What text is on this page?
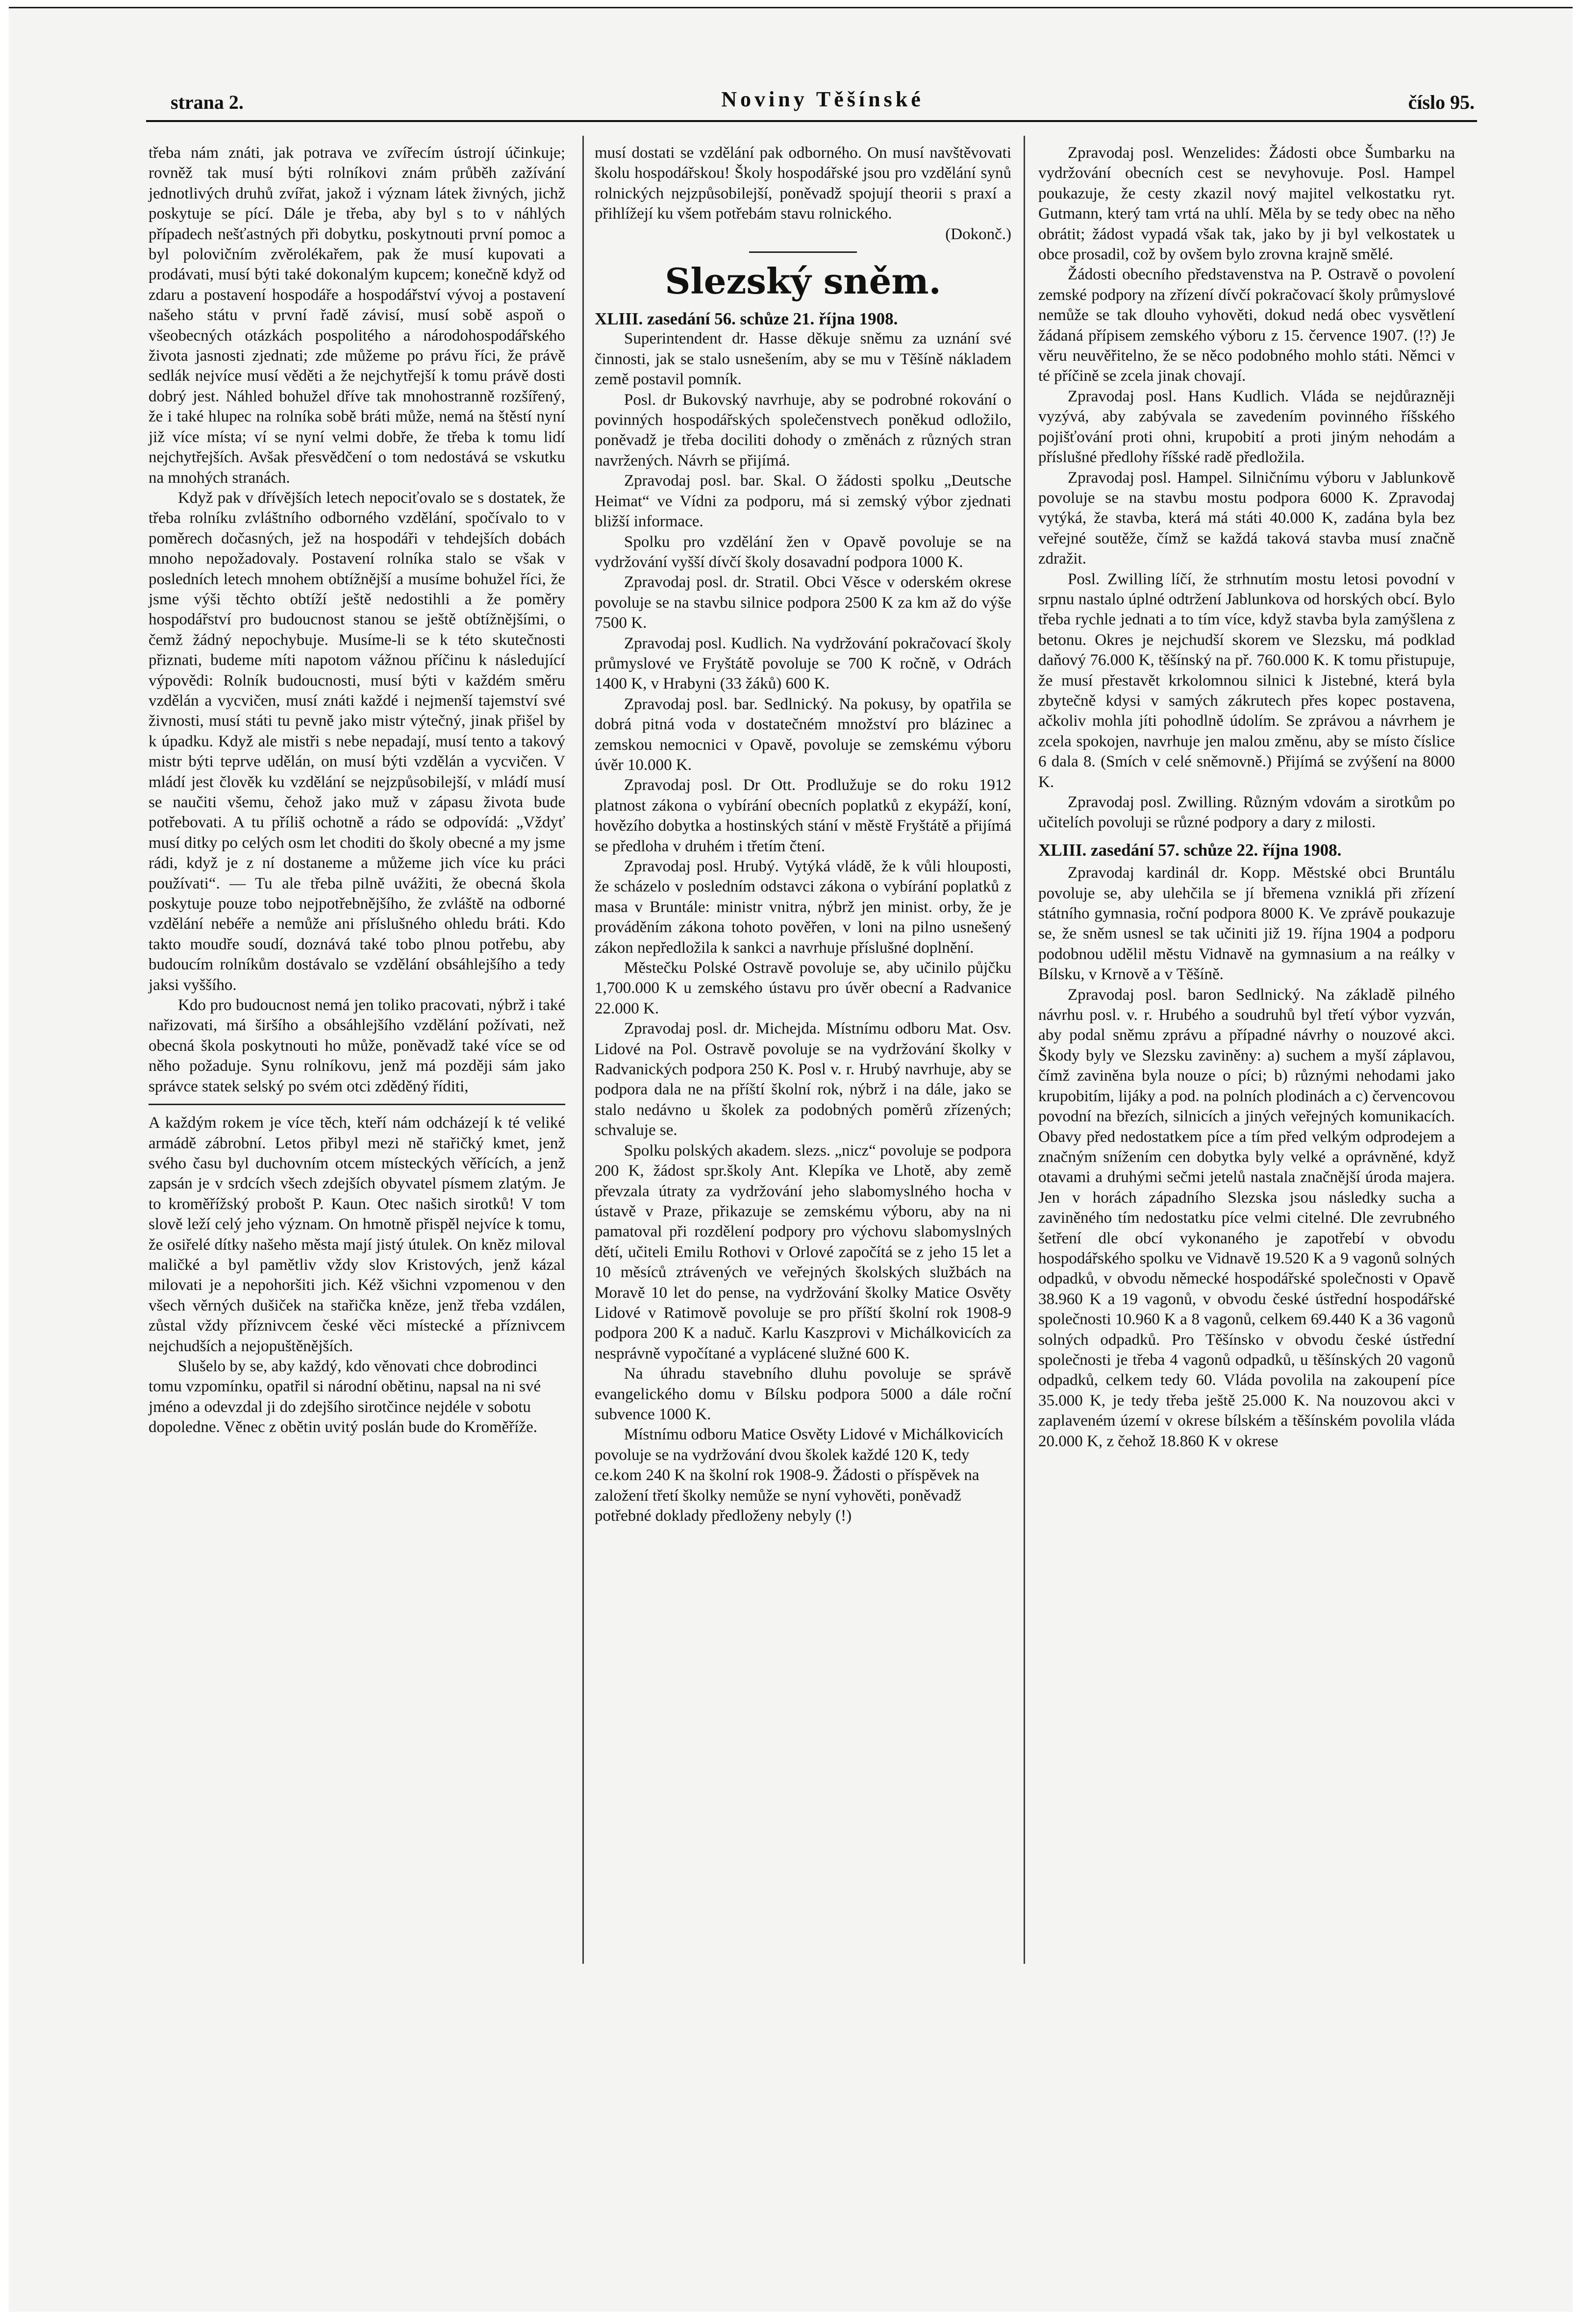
strana 2.	Noviny Těšínské	číslo 95.

třeba nám znáti, jak potrava ve zvířecím ústrojí účinkuje; rovněž tak musí býti rolníkovi znám průběh zažívání jednotlivých druhů zvířat, jakož i význam látek živných, jichž poskytuje se pící. Dále je třeba, aby byl s to v náhlých případech nešťastných při dobytku, poskytnouti první pomoc a byl polovičním zvěrolékařem, pak že musí kupovati a prodávati, musí býti také dokonalým kupcem; konečně když od zdaru a postavení hospodáře a hospodářství vývoj a postavení našeho státu v první řadě závisí, musí sobě aspoň o všeobecných otázkách pospolitého a národohospodářského života jasnosti zjednati; zde můžeme po právu říci, že právě sedlák nejvíce musí věděti a že nejchytřejší k tomu právě dosti dobrý jest. Náhled bohužel dříve tak mnohostranně rozšířený, že i také hlupec na rolníka sobě bráti může, nemá na štěstí nyní již více místa; ví se nyní velmi dobře, že třeba k tomu lidí nejchytřejších. Avšak přesvědčení o tom nedostává se vskutku na mnohých stranách.

Když pak v dřívějších letech nepociťovalo se s dostatek, že třeba rolníku zvláštního odborného vzdělání, spočívalo to v poměrech dočasných, jež na hospodáři v tehdejších dobách mnoho nepožadovaly. Postavení rolníka stalo se však v posledních letech mnohem obtížnější a musíme bohužel říci, že jsme výši těchto obtíží ještě nedostihli a že poměry hospodářství pro budoucnost stanou se ještě obtížnějšími, o čemž žádný nepochybuje. Musíme-li se k této skutečnosti přiznati, budeme míti napotom vážnou příčinu k následující výpovědi: Rolník budoucnosti, musí býti v každém směru vzdělán a vycvičen, musí znáti každé i nejmenší tajemství své živnosti, musí státi tu pevně jako mistr výtečný, jinak přišel by k úpadku. Když ale mistři s nebe nepadají, musí tento a takový mistr býti teprve udělán, on musí býti vzdělán a vycvičen. V mládí jest člověk ku vzdělání se nejzpůsobilejší, v mládí musí se naučiti všemu, čehož jako muž v zápasu života bude potřebovati. A tu příliš ochotně a rádo se odpovídá: „Vždyť musí ditky po celých osm let choditi do školy obecné a my jsme rádi, když je z ní dostaneme a můžeme jich více ku práci používati“. — Tu ale třeba pilně uvážiti, že obecná škola poskytuje pouze tobo nejpotřebnějšího, že zvláště na odborné vzdělání nebéře a nemůže ani příslušného ohledu bráti. Kdo takto moudře soudí, doznává také tobo plnou potřebu, aby budoucím rolníkům dostávalo se vzdělání obsáhlejšího a tedy jaksi vyššího.

Kdo pro budoucnost nemá jen toliko pracovati, nýbrž i také nařizovati, má širšího a obsáhlejšího vzdělání požívati, než obecná škola poskytnouti ho může, poněvadž také více se od něho požaduje. Synu rolníkovu, jenž má později sám jako správce statek selský po svém otci zděděný říditi,

A každým rokem je více těch, kteří nám odcházejí k té veliké armádě zábrobní. Letos přibyl mezi ně stařičký kmet, jenž svého času byl duchovním otcem místeckých věřících, a jenž zapsán je v srdcích všech zdejších obyvatel písmem zlatým. Je to kroměřížský probošt P. Kaun. Otec našich sirotků! V tom slově leží celý jeho význam. On hmotně přispěl nejvíce k tomu, že osiřelé dítky našeho města mají jistý útulek. On kněz miloval maličké a byl pamětliv vždy slov Kristových, jenž kázal milovati je a nepohoršiti jich. Kéž všichni vzpomenou v den všech věrných dušiček na stařička kněze, jenž třeba vzdálen, zůstal vždy příznivcem české věci místecké a příznivcem nejchudších a nejopuštěnějších.

Slušelo by se, aby každý, kdo věnovati chce dobrodinci tomu vzpomínku, opatřil si národní obětinu, napsal na ni své jméno a odevzdal ji do zdejšího sirotčince nejdéle v sobotu dopoledne. Věnec z obětin uvitý poslán bude do Kroměříže.

musí dostati se vzdělání pak odborného. On musí navštěvovati školu hospodářskou! Školy hospodářské jsou pro vzdělání synů rolnických nejzpůsobilejší, poněvadž spojují theorii s praxí a přihlížejí ku všem potřebám stavu rolnického.

(Dokonč.)

Slezský sněm.

XLIII. zasedání 56. schůze 21. října 1908.

Superintendent dr. Hasse děkuje sněmu za uznání své činnosti, jak se stalo usnešením, aby se mu v Těšíně nákladem země postavil pomník.

Posl. dr Bukovský navrhuje, aby se podrobné rokování o povinných hospodářských společenstvech poněkud odložilo, poněvadž je třeba dociliti dohody o změnách z různých stran navržených. Návrh se přijímá.

Zpravodaj posl. bar. Skal. O žádosti spolku „Deutsche Heimat“ ve Vídni za podporu, má si zemský výbor zjednati bližší informace.

Spolku pro vzdělání žen v Opavě povoluje se na vydržování vyšší dívčí školy dosavadní podpora 1000 K.

Zpravodaj posl. dr. Stratil. Obci Věsce v oderském okrese povoluje se na stavbu silnice podpora 2500 K za km až do výše 7500 K.

Zpravodaj posl. Kudlich. Na vydržování pokračovací školy průmyslové ve Fryštátě povoluje se 700 K ročně, v Odrách 1400 K, v Hrabyni (33 žáků) 600 K.

Zpravodaj posl. bar. Sedlnický. Na pokusy, by opatřila se dobrá pitná voda v dostatečném množství pro blázinec a zemskou nemocnici v Opavě, povoluje se zemskému výboru úvěr 10.000 K.

Zpravodaj posl. Dr Ott. Prodlužuje se do roku 1912 platnost zákona o vybírání obecních poplatků z ekypáží, koní, hovězího dobytka a hostinských stání v městě Fryštátě a přijímá se předloha v druhém i třetím čtení.

Zpravodaj posl. Hrubý. Vytýká vládě, že k vůli hlouposti, že scházelo v posledním odstavci zákona o vybírání poplatků z masa v Bruntále: ministr vnitra, nýbrž jen minist. orby, že je prováděním zákona tohoto pověřen, v loni na pilno usnešený zákon nepředložila k sankci a navrhuje příslušné doplnění.

Městečku Polské Ostravě povoluje se, aby učinilo půjčku 1,700.000 K u zemského ústavu pro úvěr obecní a Radvanice 22.000 K.

Zpravodaj posl. dr. Michejda. Místnímu odboru Mat. Osv. Lidové na Pol. Ostravě povoluje se na vydržování školky v Radvanických podpora 250 K. Posl v. r. Hrubý navrhuje, aby se podpora dala ne na příští školní rok, nýbrž i na dále, jako se stalo nedávno u školek za podobných poměrů zřízených; schvaluje se.

Spolku polských akadem. slezs. „nicz“ povoluje se podpora 200 K, žádost spr.školy Ant. Klepíka ve Lhotě, aby země převzala útraty za vydržování jeho slabomyslného hocha v ústavě v Praze, přikazuje se zemskému výboru, aby na ni pamatoval při rozdělení podpory pro výchovu slabomyslných dětí, učiteli Emilu Rothovi v Orlové započítá se z jeho 15 let a 10 měsíců ztrávených ve veřejných školských službách na Moravě 10 let do pense, na vydržování školky Matice Osvěty Lidové v Ratimově povoluje se pro příští školní rok 1908-9 podpora 200 K a naduč. Karlu Kaszprovi v Michálkovicích za nesprávně vypočítané a vyplácené služné 600 K.

Na úhradu stavebního dluhu povoluje se správě evangelického domu v Bílsku podpora 5000 a dále roční subvence 1000 K.

Místnímu odboru Matice Osvěty Lidové v Michálkovicích povoluje se na vydržování dvou školek každé 120 K, tedy ce.kom 240 K na školní rok 1908-9. Žádosti o příspěvek na založení třetí školky nemůže se nyní vyhověti, poněvadž potřebné doklady předloženy nebyly (!)

Zpravodaj posl. Wenzelides: Žádosti obce Šumbarku na vydržování obecních cest se nevyhovuje. Posl. Hampel poukazuje, že cesty zkazil nový majitel velkostatku ryt. Gutmann, který tam vrtá na uhlí. Měla by se tedy obec na něho obrátit; žádost vypadá však tak, jako by ji byl velkostatek u obce prosadil, což by ovšem bylo zrovna krajně smělé.

Žádosti obecního představenstva na P. Ostravě o povolení zemské podpory na zřízení dívčí pokračovací školy průmyslové nemůže se tak dlouho vyhověti, dokud nedá obec vysvětlení žádaná přípisem zemského výboru z 15. července 1907. (!?) Je věru neuvěřitelno, že se něco podobného mohlo státi. Němci v té příčině se zcela jinak chovají.

Zpravodaj posl. Hans Kudlich. Vláda se nejdůrazněji vyzývá, aby zabývala se zavedením povinného říšského pojišťování proti ohni, krupobití a proti jiným nehodám a příslušné předlohy říšské radě předložila.

Zpravodaj posl. Hampel. Silničnímu výboru v Jablunkově povoluje se na stavbu mostu podpora 6000 K. Zpravodaj vytýká, že stavba, která má státi 40.000 K, zadána byla bez veřejné soutěže, čímž se každá taková stavba musí značně zdražit.

Posl. Zwilling líčí, že strhnutím mostu letosi povodní v srpnu nastalo úplné odtržení Jablunkova od horských obcí. Bylo třeba rychle jednati a to tím více, když stavba byla zamýšlena z betonu. Okres je nejchudší skorem ve Slezsku, má podklad daňový 76.000 K, těšínský na př. 760.000 K. K tomu přistupuje, že musí přestavět krkolomnou silnici k Jistebné, která byla zbytečně kdysi v samých zákrutech přes kopec postavena, ačkoliv mohla jíti pohodlně údolím. Se zprávou a návrhem je zcela spokojen, navrhuje jen malou změnu, aby se místo číslice 6 dala 8. (Smích v celé sněmovně.) Přijímá se zvýšení na 8000 K.

Zpravodaj posl. Zwilling. Různým vdovám a sirotkům po učitelích povoluji se různé podpory a dary z milosti.

XLIII. zasedání 57. schůze 22. října 1908.

Zpravodaj kardinál dr. Kopp. Městské obci Bruntálu povoluje se, aby ulehčila se jí břemena vzniklá při zřízení státního gymnasia, roční podpora 8000 K. Ve zprávě poukazuje se, že sněm usnesl se tak učiniti již 19. října 1904 a podporu podobnou udělil městu Vidnavě na gymnasium a na reálky v Bílsku, v Krnově a v Těšíně.

Zpravodaj posl. baron Sedlnický. Na základě pilného návrhu posl. v. r. Hrubého a soudruhů byl třetí výbor vyzván, aby podal sněmu zprávu a případné návrhy o nouzové akci. Škody byly ve Slezsku zaviněny: a) suchem a myší záplavou, čímž zaviněna byla nouze o píci; b) různými nehodami jako krupobitím, lijáky a pod. na polních plodinách a c) červencovou povodní na březích, silnicích a jiných veřejných komunikacích. Obavy před nedostatkem píce a tím před velkým odprodejem a značným snížením cen dobytka byly velké a oprávněné, když otavami a druhými sečmi jetelů nastala značnější úroda majera. Jen v horách západního Slezska jsou následky sucha a zaviněného tím nedostatku píce velmi citelné. Dle zevrubného šetření dle obcí vykonaného je zapotřebí v obvodu hospodářského spolku ve Vidnavě 19.520 K a 9 vagonů solných odpadků, v obvodu německé hospodářské společnosti v Opavě 38.960 K a 19 vagonů, v obvodu české ústřední hospodářské společnosti 10.960 K a 8 vagonů, celkem 69.440 K a 36 vagonů solných odpadků. Pro Těšínsko v obvodu české ústřední společnosti je třeba 4 vagonů odpadků, u těšínských 20 vagonů odpadků, celkem tedy 60. Vláda povolila na zakoupení píce 35.000 K, je tedy třeba ještě 25.000 K. Na nouzovou akci v zaplaveném území v okrese bílském a těšínském povolila vláda 20.000 K, z čehož 18.860 K v okrese
